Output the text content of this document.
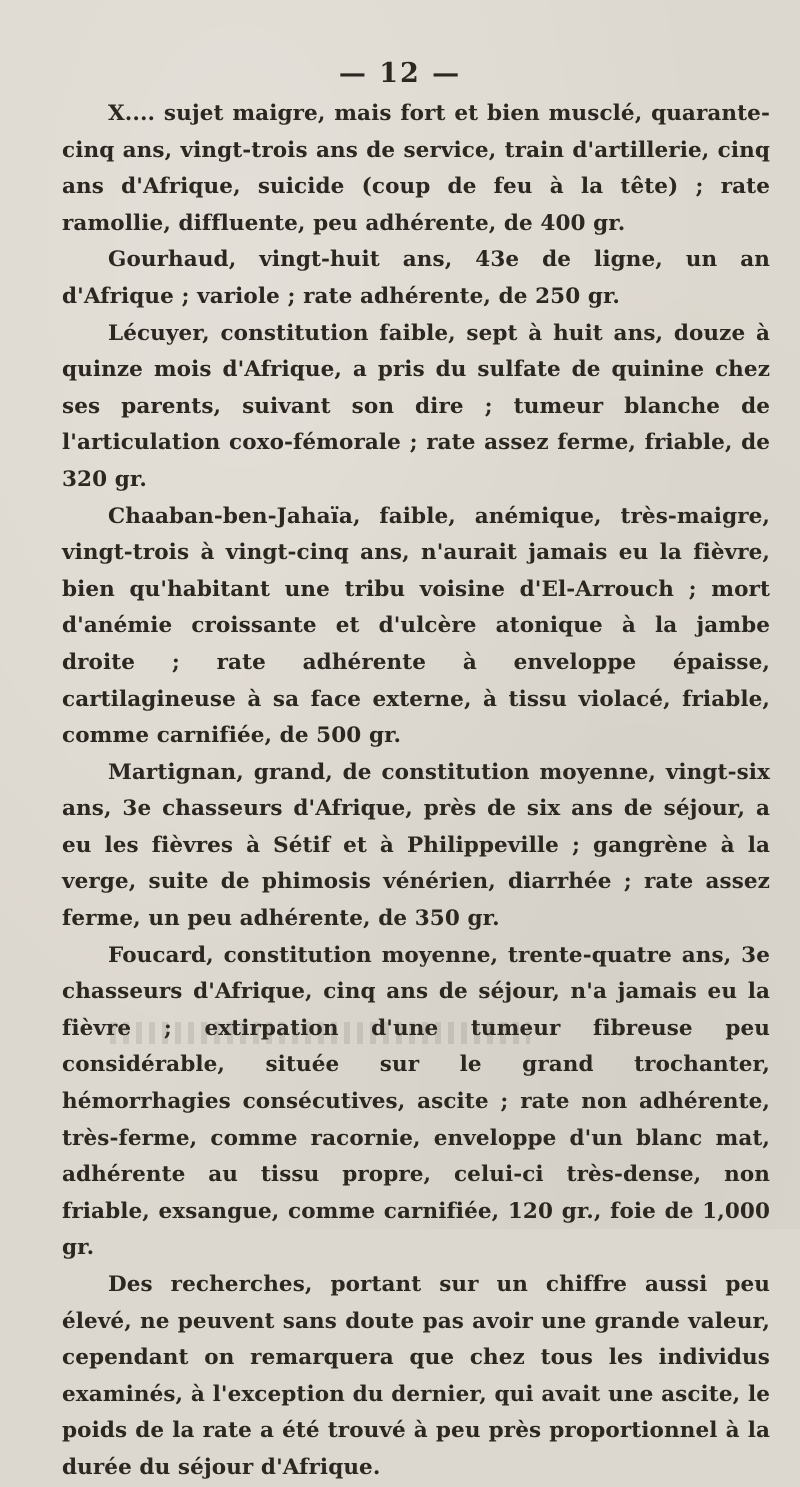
— 12 —

X.... sujet maigre, mais fort et bien musclé, quarante-cinq ans, vingt-trois ans de service, train d'artillerie, cinq ans d'Afrique, suicide (coup de feu à la tête) ; rate ramollie, diffluente, peu adhérente, de 400 gr.

Gourhaud, vingt-huit ans, 43e de ligne, un an d'Afrique ; variole ; rate adhérente, de 250 gr.

Lécuyer, constitution faible, sept à huit ans, douze à quinze mois d'Afrique, a pris du sulfate de quinine chez ses parents, suivant son dire ; tumeur blanche de l'articulation coxo-fémorale ; rate assez ferme, friable, de 320 gr.

Chaaban-ben-Jahaïa, faible, anémique, très-maigre, vingt-trois à vingt-cinq ans, n'aurait jamais eu la fièvre, bien qu'habitant une tribu voisine d'El-Arrouch ; mort d'anémie croissante et d'ulcère atonique à la jambe droite ; rate adhérente à enveloppe épaisse, cartilagineuse à sa face externe, à tissu violacé, friable, comme carnifiée, de 500 gr.

Martignan, grand, de constitution moyenne, vingt-six ans, 3e chasseurs d'Afrique, près de six ans de séjour, a eu les fièvres à Sétif et à Philippeville ; gangrène à la verge, suite de phimosis vénérien, diarrhée ; rate assez ferme, un peu adhérente, de 350 gr.

Foucard, constitution moyenne, trente-quatre ans, 3e chasseurs d'Afrique, cinq ans de séjour, n'a jamais eu la fièvre ; extirpation d'une tumeur fibreuse peu considérable, située sur le grand trochanter, hémorrhagies consécutives, ascite ; rate non adhérente, très-ferme, comme racornie, enveloppe d'un blanc mat, adhérente au tissu propre, celui-ci très-dense, non friable, exsangue, comme carnifiée, 120 gr., foie de 1,000 gr.

Des recherches, portant sur un chiffre aussi peu élevé, ne peuvent sans doute pas avoir une grande valeur, cependant on remarquera que chez tous les individus examinés, à l'exception du dernier, qui avait une ascite, le poids de la rate a été trouvé à peu près proportionnel à la durée du séjour d'Afrique.
